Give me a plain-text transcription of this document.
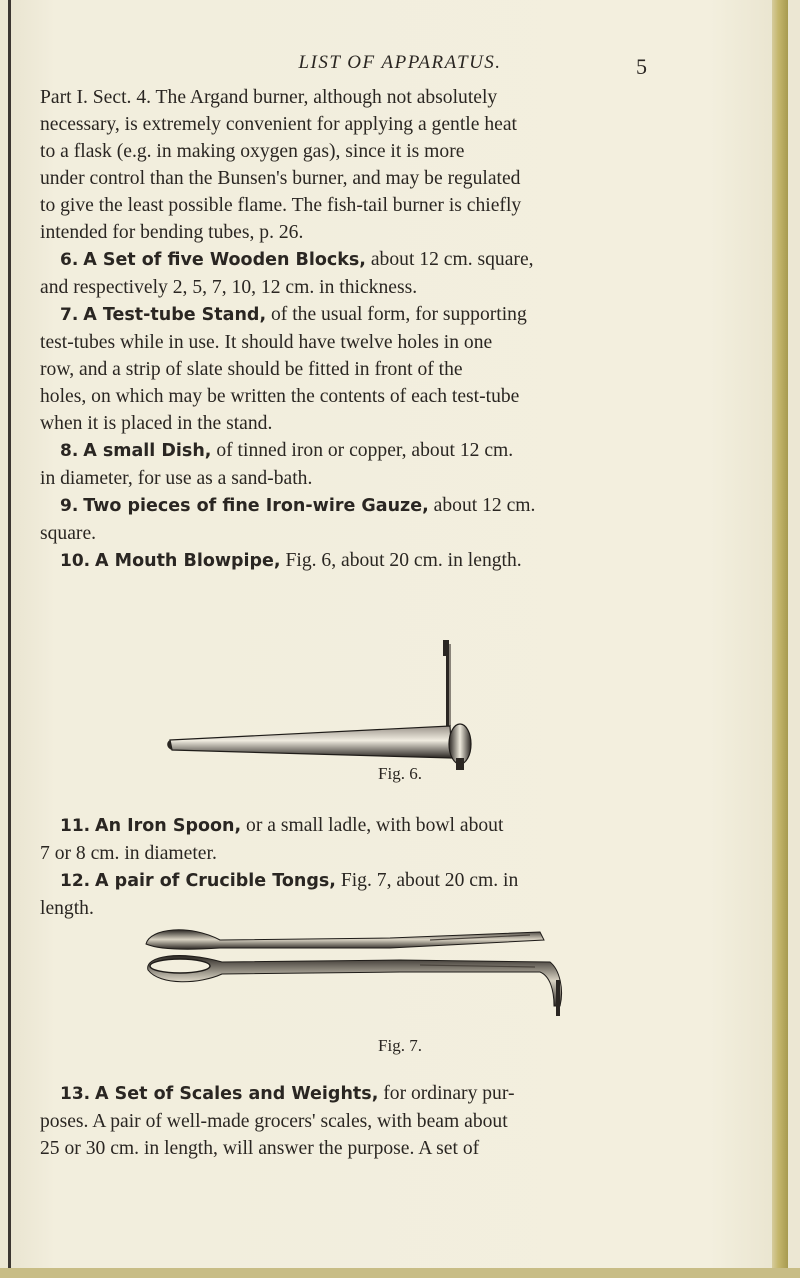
LIST OF APPARATUS.	5

Part I. Sect. 4. The Argand burner, although not absolutely

necessary, is extremely convenient for applying a gentle heat

to a flask (e.g. in making oxygen gas), since it is more

under control than the Bunsen's burner, and may be regulated

to give the least possible flame. The fish-tail burner is chiefly

intended for bending tubes, p. 26.

6. A Set of five Wooden Blocks, about 12 cm. square,

and respectively 2, 5, 7, 10, 12 cm. in thickness.

7. A Test-tube Stand, of the usual form, for supporting

test-tubes while in use. It should have twelve holes in one

row, and a strip of slate should be fitted in front of the

holes, on which may be written the contents of each test-tube

when it is placed in the stand.

8. A small Dish, of tinned iron or copper, about 12 cm.

in diameter, for use as a sand-bath.

9. Two pieces of fine Iron-wire Gauze, about 12 cm.

square.

10. A Mouth Blowpipe, Fig. 6, about 20 cm. in length.

Fig. 6.

11. An Iron Spoon, or a small ladle, with bowl about

7 or 8 cm. in diameter.

12. A pair of Crucible Tongs, Fig. 7, about 20 cm. in

length.

Fig. 7.

13. A Set of Scales and Weights, for ordinary pur-

poses. A pair of well-made grocers' scales, with beam about

25 or 30 cm. in length, will answer the purpose. A set of
